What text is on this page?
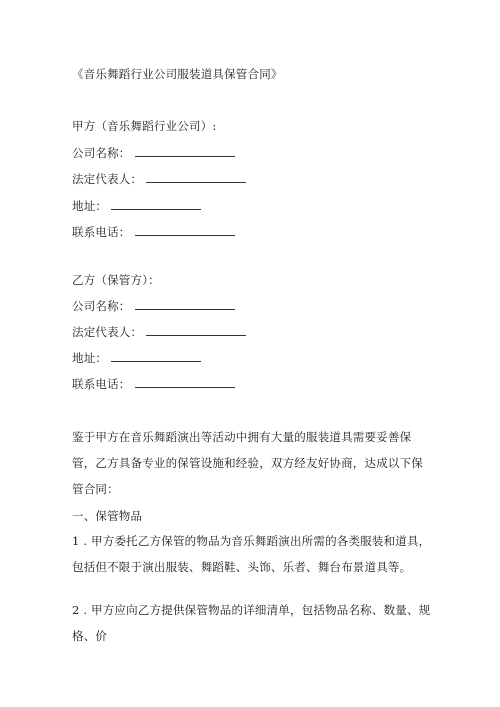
《音乐舞蹈行业公司服装道具保管合同》
甲方（音乐舞蹈行业公司）:
公司名称：
法定代表人：
地址：
联系电话：
乙方（保管方）：
公司名称：
法定代表人：
地址：
联系电话：
鉴于甲方在音乐舞蹈演出等活动中拥有大量的服装道具需要妥善保管，乙方具备专业的保管设施和经验，双方经友好协商，达成以下保管合同：
一、保管物品
1 . 甲方委托乙方保管的物品为音乐舞蹈演出所需的各类服装和道具，包括但不限于演出服装、舞蹈鞋、头饰、乐者、舞台布景道具等。
2 . 甲方应向乙方提供保管物品的详细清单，包括物品名称、数量、规格、价
